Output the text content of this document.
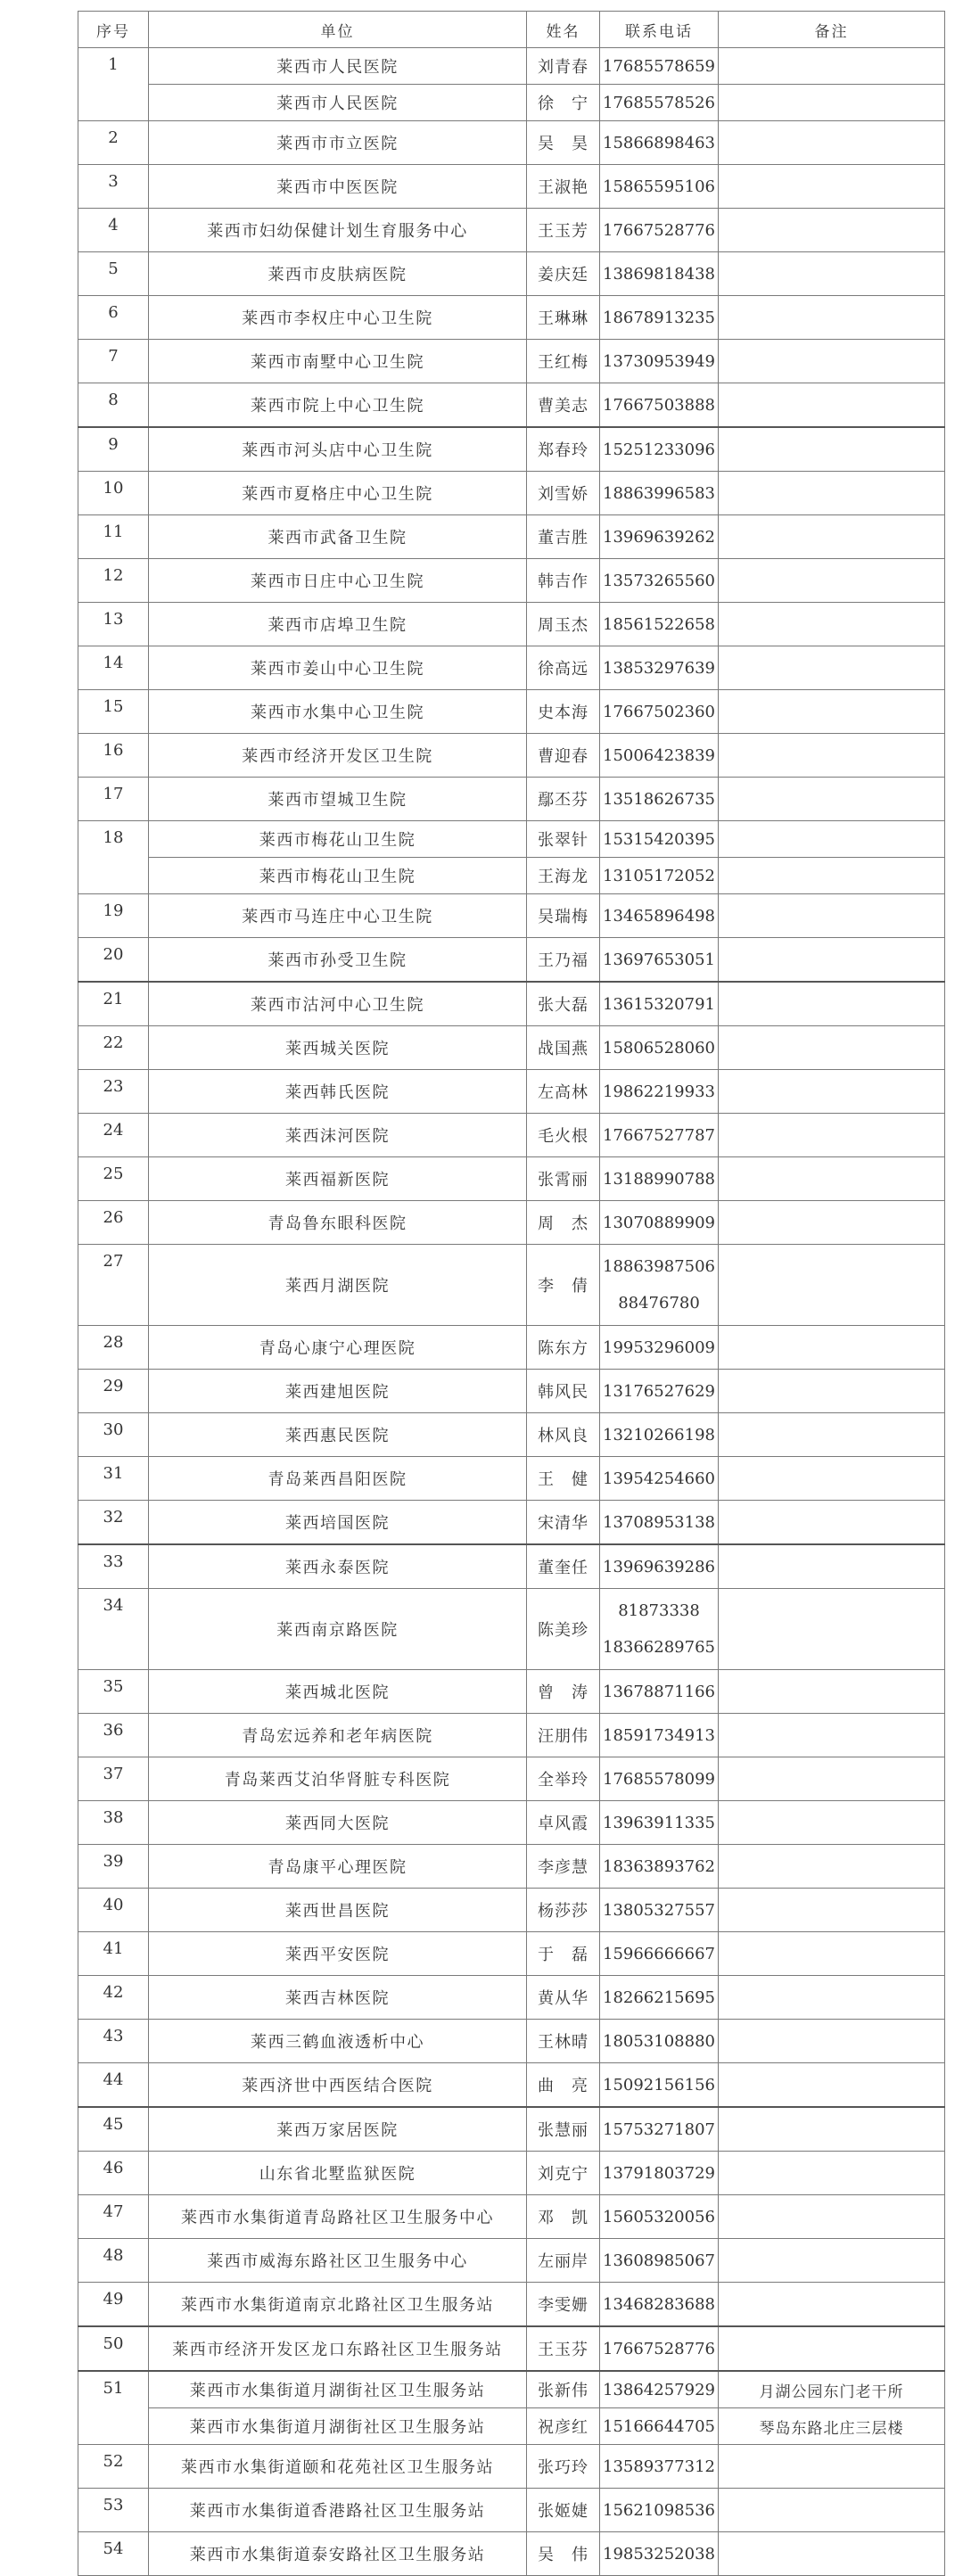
序号	单位	姓名	联系电话	备注
1	莱西市人民医院	刘青春	17685578659	
	莱西市人民医院	徐　宁	17685578526	
2	莱西市市立医院	吴　昊	15866898463	
3	莱西市中医医院	王淑艳	15865595106	
4	莱西市妇幼保健计划生育服务中心	王玉芳	17667528776	
5	莱西市皮肤病医院	姜庆廷	13869818438	
6	莱西市李权庄中心卫生院	王琳琳	18678913235	
7	莱西市南墅中心卫生院	王红梅	13730953949	
8	莱西市院上中心卫生院	曹美志	17667503888	
9	莱西市河头店中心卫生院	郑春玲	15251233096	
10	莱西市夏格庄中心卫生院	刘雪娇	18863996583	
11	莱西市武备卫生院	董吉胜	13969639262	
12	莱西市日庄中心卫生院	韩吉作	13573265560	
13	莱西市店埠卫生院	周玉杰	18561522658	
14	莱西市姜山中心卫生院	徐高远	13853297639	
15	莱西市水集中心卫生院	史本海	17667502360	
16	莱西市经济开发区卫生院	曹迎春	15006423839	
17	莱西市望城卫生院	鄢丕芬	13518626735	
18	莱西市梅花山卫生院	张翠针	15315420395	
	莱西市梅花山卫生院	王海龙	13105172052	
19	莱西市马连庄中心卫生院	吴瑞梅	13465896498	
20	莱西市孙受卫生院	王乃福	13697653051	
21	莱西市沽河中心卫生院	张大磊	13615320791	
22	莱西城关医院	战国燕	15806528060	
23	莱西韩氏医院	左高林	19862219933	
24	莱西沫河医院	毛火根	17667527787	
25	莱西福新医院	张霄丽	13188990788	
26	青岛鲁东眼科医院	周　杰	13070889909	
27	莱西月湖医院	李　倩	18863987506
88476780	

28	青岛心康宁心理医院	陈东方	19953296009	
29	莱西建旭医院	韩风民	13176527629	
30	莱西惠民医院	林风良	13210266198	
31	青岛莱西昌阳医院	王　健	13954254660	
32	莱西培国医院	宋清华	13708953138	
33	莱西永泰医院	董奎任	13969639286	
34	莱西南京路医院	陈美珍	81873338
18366289765	

35	莱西城北医院	曾　涛	13678871166	
36	青岛宏远养和老年病医院	汪朋伟	18591734913	
37	青岛莱西艾泊华肾脏专科医院	全举玲	17685578099	
38	莱西同大医院	卓风霞	13963911335	
39	青岛康平心理医院	李彦慧	18363893762	
40	莱西世昌医院	杨莎莎	13805327557	
41	莱西平安医院	于　磊	15966666667	
42	莱西吉林医院	黄从华	18266215695	
43	莱西三鹤血液透析中心	王林晴	18053108880	
44	莱西济世中西医结合医院	曲　亮	15092156156	
45	莱西万家居医院	张慧丽	15753271807	
46	山东省北墅监狱医院	刘克宁	13791803729	
47	莱西市水集街道青岛路社区卫生服务中心	邓　凯	15605320056	
48	莱西市威海东路社区卫生服务中心	左丽岸	13608985067	
49	莱西市水集街道南京北路社区卫生服务站	李雯姗	13468283688	
50	莱西市经济开发区龙口东路社区卫生服务站	王玉芬	17667528776	
51	莱西市水集街道月湖街社区卫生服务站	张新伟	13864257929	月湖公园东门老干所
	莱西市水集街道月湖街社区卫生服务站	祝彦红	15166644705	琴岛东路北庄三层楼
52	莱西市水集街道颐和花苑社区卫生服务站	张巧玲	13589377312	
53	莱西市水集街道香港路社区卫生服务站	张姬婕	15621098536	
54	莱西市水集街道泰安路社区卫生服务站	吴　伟	19853252038	
